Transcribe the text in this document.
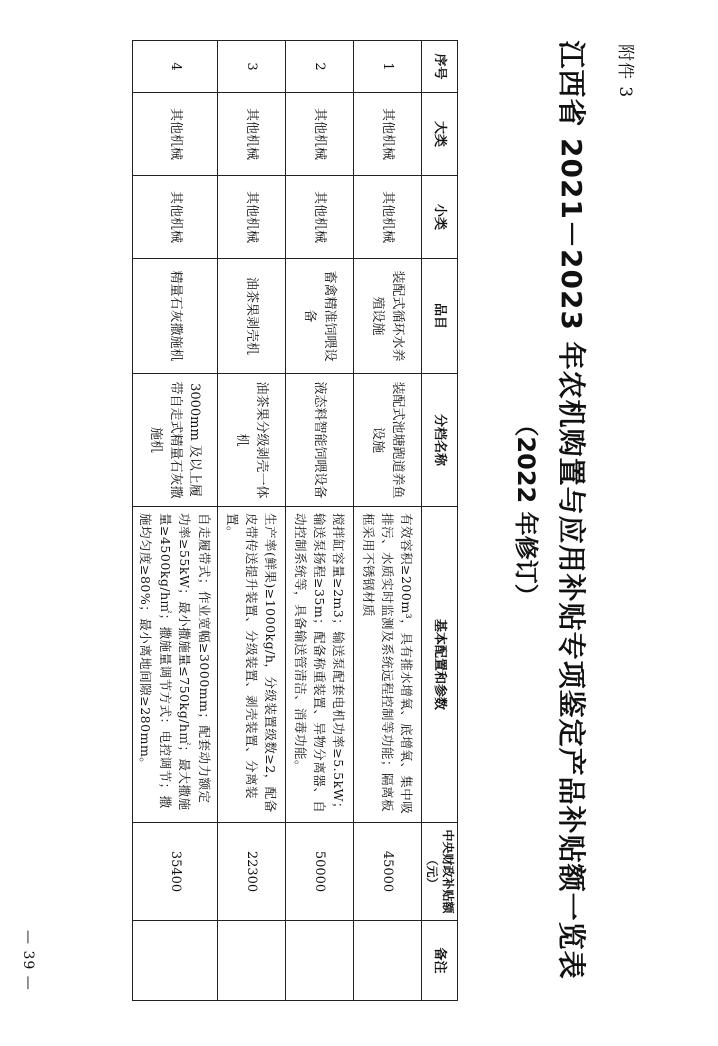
附件 3
江西省 2021－2023 年农机购置与应用补贴专项鉴定产品补贴额一览表
（2022 年修订）
序号	大类	小类	品目	分档名称	基本配置和参数	中央财政补贴额（元）	备注
1	其他机械	其他机械	装配式循环水养殖设施	装配式池塘跑道养鱼设施	有效容积≥200m³，具有推水增氧、底增氧、集中吸排污、水质实时监测及系统远程控制等功能；隔离板框采用不锈钢材质	45000	
2	其他机械	其他机械	畜禽精准饲喂设备	液态料智能饲喂设备	搅拌缸容量≥2m3；输送泵配套电机功率≥5.5kW；输送泵扬程≥35m；配备称重装置、异物分离器、自动控制系统等，具备输送管清洁、消毒功能。	50000	
3	其他机械	其他机械	油茶果剥壳机	油茶果分级剥壳一体机	生产率(鲜果)≥1000kg/h，分级装置级数≥2，配备皮带传送提升装置、分级装置、剥壳装置、分离装置。	22300	
4	其他机械	其他机械	精量石灰撒施机	3000mm 及以上履带自走式精量石灰撒施机	自走履带式；作业宽幅≥3000mm；配套动力额定功率≥55kW；最小撒施量≤750kg/h㎡；最大撒施量≥4500kg/h㎡；撒施量调节方式：电控调节；撒施均匀度≥80%；最小离地间隙≥280mm。	35400	
— 39 —
